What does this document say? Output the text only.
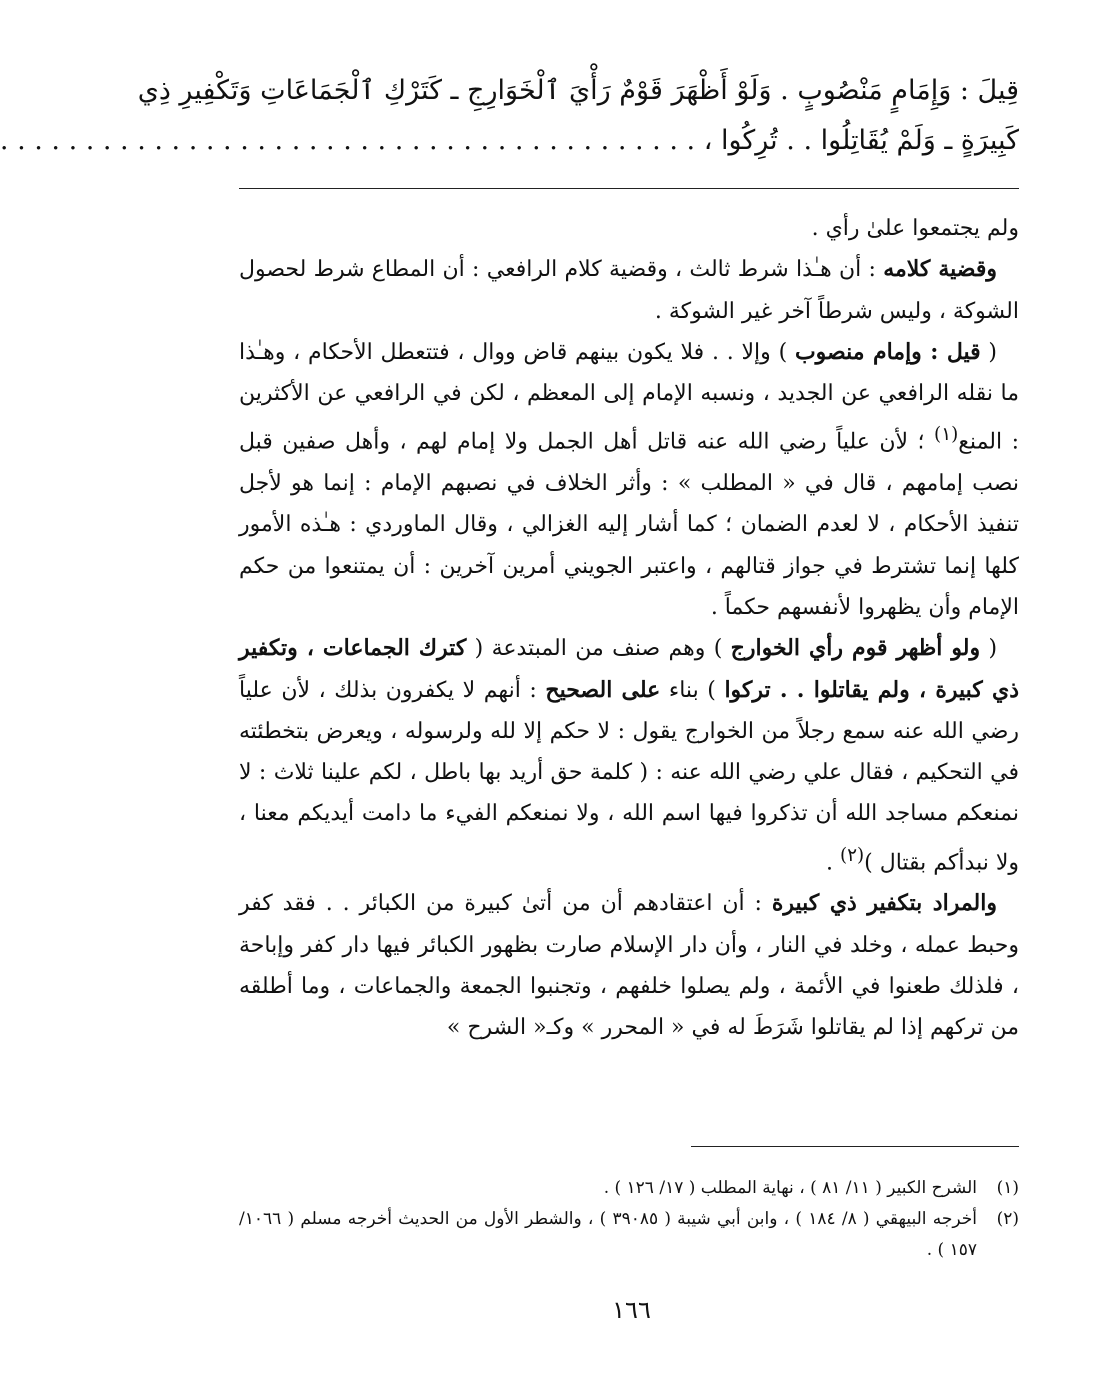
قِيلَ : وَإِمَامٍ مَنْصُوبٍ . وَلَوْ أَظْهَرَ قَوْمٌ رَأْيَ ٱلْخَوَارِجِ ـ كَتَرْكِ ٱلْجَمَاعَاتِ وَتَكْفِيرِ ذِي
كَبِيرَةٍ ـ وَلَمْ يُقَاتِلُوا . . تُرِكُوا ، . . . . . . . . . . . . . . . . . . . . . . . . . . . . . . . . . . . . . . . . .

ولم يجتمعوا علىٰ رأي .

وقضية كلامه : أن هـٰذا شرط ثالث ، وقضية كلام الرافعي : أن المطاع شرط لحصول الشوكة ، وليس شرطاً آخر غير الشوكة .

( قيل : وإمام منصوب ) وإلا . . فلا يكون بينهم قاض ووال ، فتتعطل الأحكام ، وهـٰذا ما نقله الرافعي عن الجديد ، ونسبه الإمام إلى المعظم ، لكن في الرافعي عن الأكثرين : المنع$^{(١)}$ ؛ لأن علياً رضي الله عنه قاتل أهل الجمل ولا إمام لهم ، وأهل صفين قبل نصب إمامهم ، قال في « المطلب » : وأثر الخلاف في نصبهم الإمام : إنما هو لأجل تنفيذ الأحكام ، لا لعدم الضمان ؛ كما أشار إليه الغزالي ، وقال الماوردي : هـٰذه الأمور كلها إنما تشترط في جواز قتالهم ، واعتبر الجويني أمرين آخرين : أن يمتنعوا من حكم الإمام وأن يظهروا لأنفسهم حكماً .

( ولو أظهر قوم رأي الخوارج ) وهم صنف من المبتدعة ( كترك الجماعات ، وتكفير ذي كبيرة ، ولم يقاتلوا . . تركوا ) بناء على الصحيح : أنهم لا يكفرون بذلك ، لأن علياً رضي الله عنه سمع رجلاً من الخوارج يقول : لا حكم إلا لله ولرسوله ، ويعرض بتخطئته في التحكيم ، فقال علي رضي الله عنه : ( كلمة حق أريد بها باطل ، لكم علينا ثلاث : لا نمنعكم مساجد الله أن تذكروا فيها اسم الله ، ولا نمنعكم الفيء ما دامت أيديكم معنا ، ولا نبدأكم بقتال )$^{(٢)}$ .

والمراد بتكفير ذي كبيرة : أن اعتقادهم أن من أتىٰ كبيرة من الكبائر . . فقد كفر وحبط عمله ، وخلد في النار ، وأن دار الإسلام صارت بظهور الكبائر فيها دار كفر وإباحة ، فلذلك طعنوا في الأئمة ، ولم يصلوا خلفهم ، وتجنبوا الجمعة والجماعات ، وما أطلقه من تركهم إذا لم يقاتلوا شَرَطَ له في « المحرر » وكـ« الشرح »

(١)
الشرح الكبير ( ١١/ ٨١ ) ، نهاية المطلب ( ١٧/ ١٢٦ ) .
(٢)
أخرجه البيهقي ( ٨/ ١٨٤ ) ، وابن أبي شيبة ( ٣٩٠٨٥ ) ، والشطر الأول من الحديث أخرجه مسلم ( ١٠٦٦/ ١٥٧ ) .
١٦٦
